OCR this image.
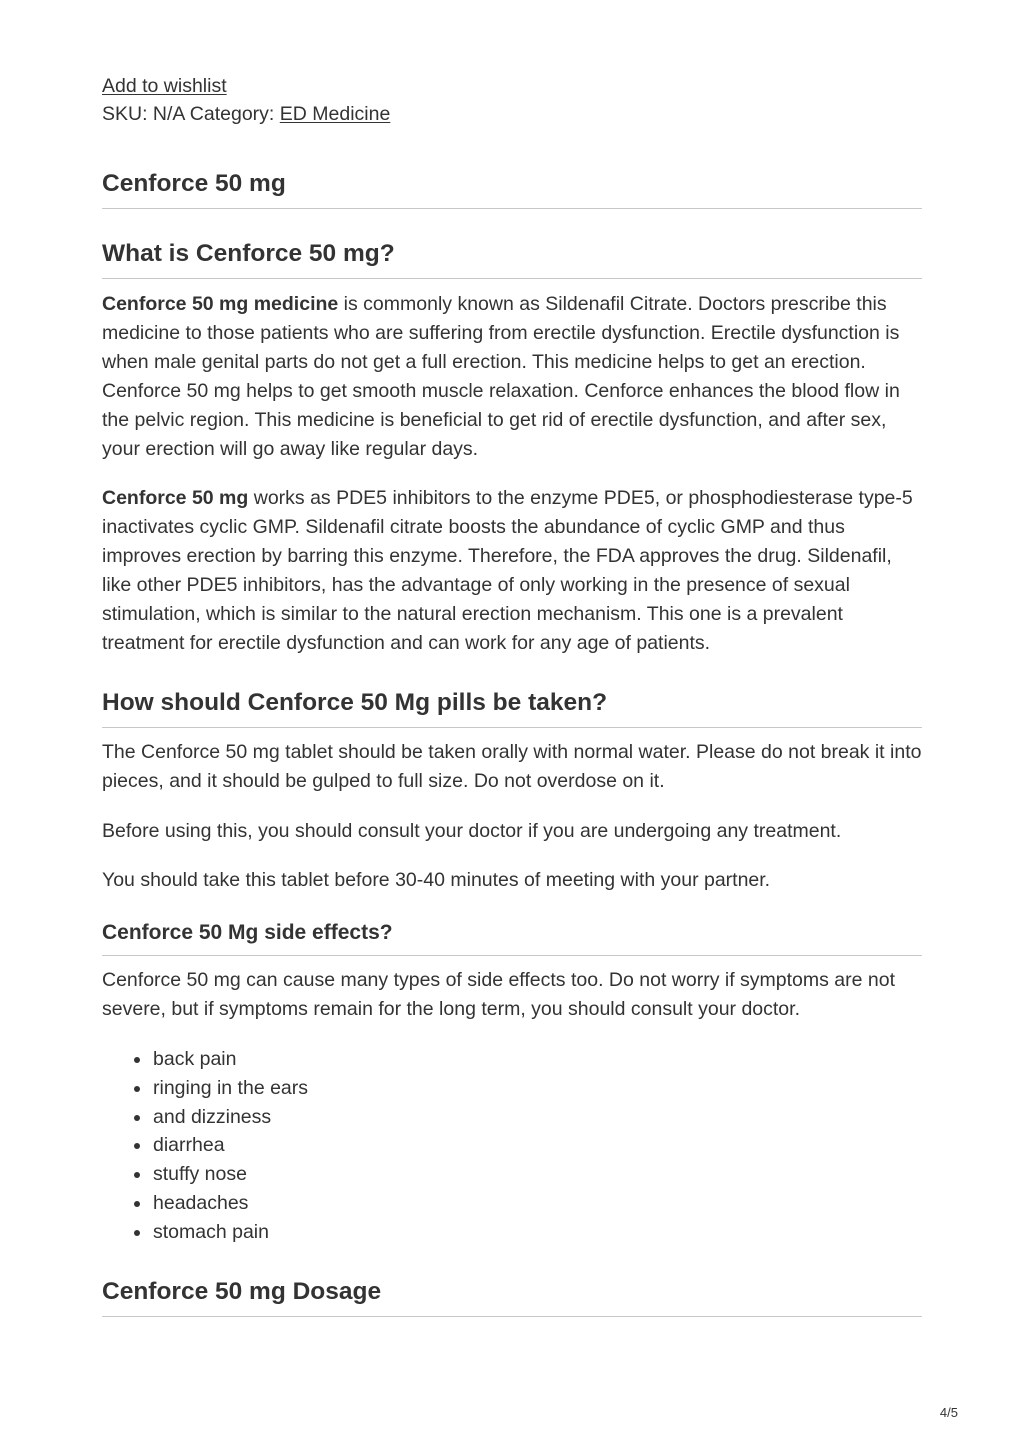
Add to wishlist

SKU: N/A Category: ED Medicine

Cenforce 50 mg
What is Cenforce 50 mg?

Cenforce 50 mg medicine is commonly known as Sildenafil Citrate. Doctors prescribe this medicine to those patients who are suffering from erectile dysfunction. Erectile dysfunction is when male genital parts do not get a full erection. This medicine helps to get an erection. Cenforce 50 mg helps to get smooth muscle relaxation. Cenforce enhances the blood flow in the pelvic region. This medicine is beneficial to get rid of erectile dysfunction, and after sex, your erection will go away like regular days.

Cenforce 50 mg works as PDE5 inhibitors to the enzyme PDE5, or phosphodiesterase type-5 inactivates cyclic GMP. Sildenafil citrate boosts the abundance of cyclic GMP and thus improves erection by barring this enzyme. Therefore, the FDA approves the drug. Sildenafil, like other PDE5 inhibitors, has the advantage of only working in the presence of sexual stimulation, which is similar to the natural erection mechanism. This one is a prevalent treatment for erectile dysfunction and can work for any age of patients.

How should Cenforce 50 Mg pills be taken?

The Cenforce 50 mg tablet should be taken orally with normal water. Please do not break it into pieces, and it should be gulped to full size. Do not overdose on it.

Before using this, you should consult your doctor if you are undergoing any treatment.

You should take this tablet before 30-40 minutes of meeting with your partner.

Cenforce 50 Mg side effects?

Cenforce 50 mg can cause many types of side effects too. Do not worry if symptoms are not severe, but if symptoms remain for the long term, you should consult your doctor.

back pain
ringing in the ears
and dizziness
diarrhea
stuffy nose
headaches
stomach pain
Cenforce 50 mg Dosage
4/5
